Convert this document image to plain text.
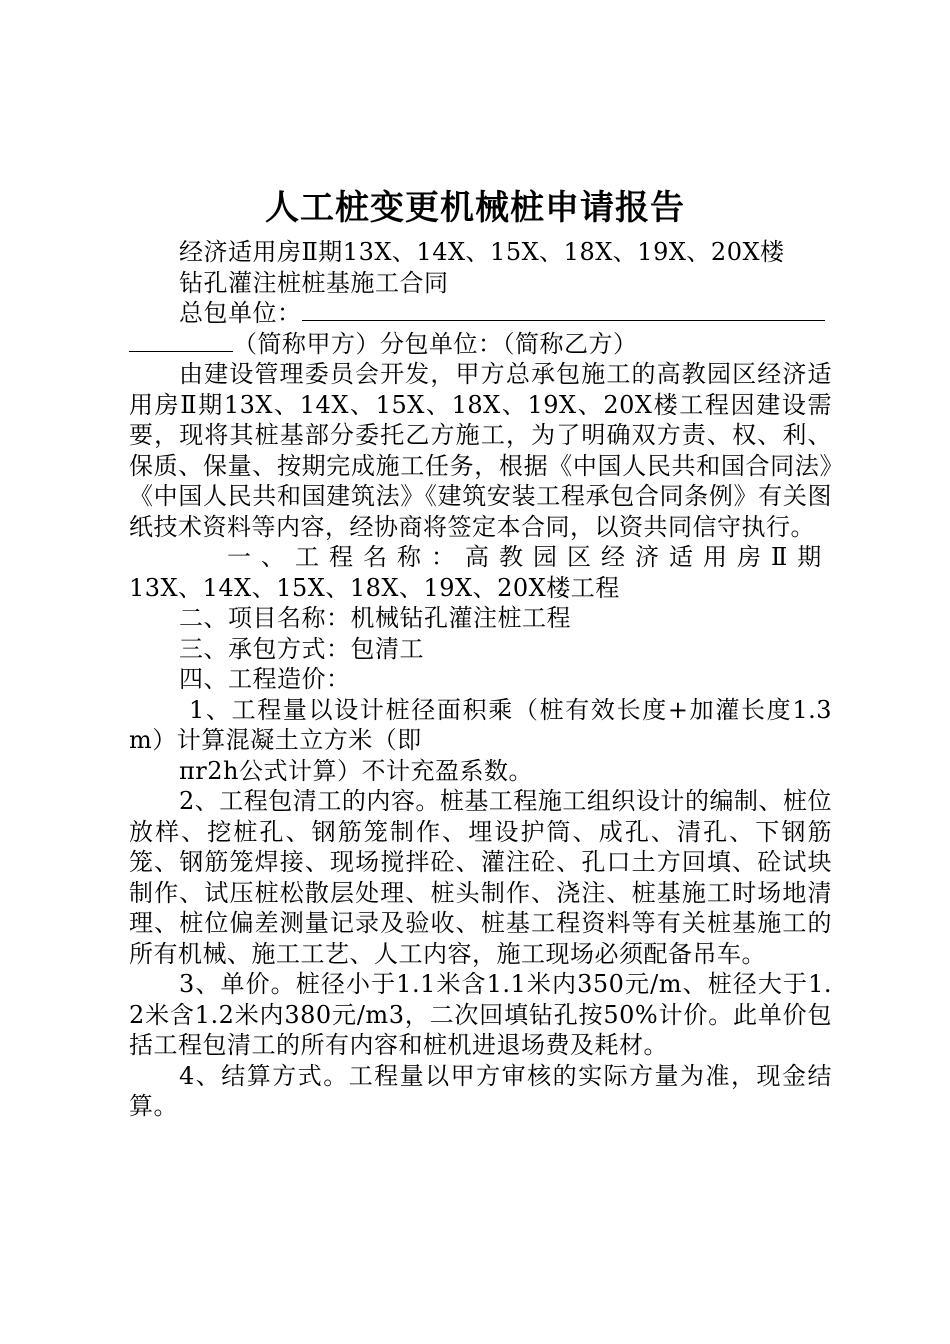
人工桩变更机械桩申请报告

经济适用房Ⅱ期13X、14X、15X、18X、19X、20X楼

钻孔灌注桩桩基施工合同

总包单位：

（简称甲方）分包单位：（简称乙方）

由建设管理委员会开发，甲方总承包施工的高教园区经济适用房Ⅱ期13X、14X、15X、18X、19X、20X楼工程因建设需要，现将其桩基部分委托乙方施工，为了明确双方责、权、利、保质、保量、按期完成施工任务，根据《中国人民共和国合同法》《中国人民共和国建筑法》《建筑安装工程承包合同条例》有关图纸技术资料等内容，经协商将签定本合同，以资共同信守执行。

一、工程名称：高教园区经济适用房Ⅱ期

13X、14X、15X、18X、19X、20X楼工程

二、项目名称：机械钻孔灌注桩工程

三、承包方式：包清工

四、工程造价：

1、工程量以设计桩径面积乘（桩有效长度+加灌长度1.3m）计算混凝土立方米（即

πr2h公式计算）不计充盈系数。

2、工程包清工的内容。桩基工程施工组织设计的编制、桩位放样、挖桩孔、钢筋笼制作、埋设护筒、成孔、清孔、下钢筋笼、钢筋笼焊接、现场搅拌砼、灌注砼、孔口土方回填、砼试块制作、试压桩松散层处理、桩头制作、浇注、桩基施工时场地清理、桩位偏差测量记录及验收、桩基工程资料等有关桩基施工的所有机械、施工工艺、人工内容，施工现场必须配备吊车。

3、单价。桩径小于1.1米含1.1米内350元/m、桩径大于1.2米含1.2米内380元/m3，二次回填钻孔按50%计价。此单价包括工程包清工的所有内容和桩机进退场费及耗材。

4、结算方式。工程量以甲方审核的实际方量为准，现金结算。
